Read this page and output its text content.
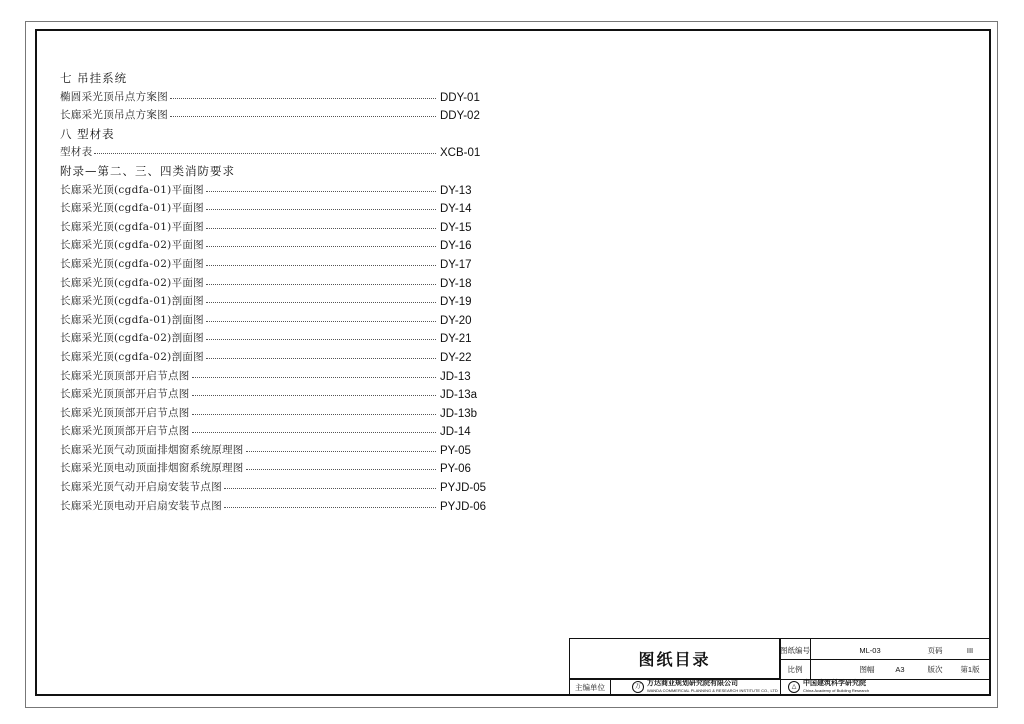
七 吊挂系统
椭圆采光顶吊点方案图	DDY-01
长廊采光顶吊点方案图	DDY-02
八 型材表
型材表	XCB-01
附录—第二、三、四类消防要求
长廊采光顶(cgdfa-01)平面图	DY-13
长廊采光顶(cgdfa-01)平面图	DY-14
长廊采光顶(cgdfa-01)平面图	DY-15
长廊采光顶(cgdfa-02)平面图	DY-16
长廊采光顶(cgdfa-02)平面图	DY-17
长廊采光顶(cgdfa-02)平面图	DY-18
长廊采光顶(cgdfa-01)剖面图	DY-19
长廊采光顶(cgdfa-01)剖面图	DY-20
长廊采光顶(cgdfa-02)剖面图	DY-21
长廊采光顶(cgdfa-02)剖面图	DY-22
长廊采光顶顶部开启节点图	JD-13
长廊采光顶顶部开启节点图	JD-13a
长廊采光顶顶部开启节点图	JD-13b
长廊采光顶顶部开启节点图	JD-14
长廊采光顶气动顶面排烟窗系统原理图	PY-05
长廊采光顶电动顶面排烟窗系统原理图	PY-06
长廊采光顶气动开启扇安装节点图	PYJD-05
长廊采光顶电动开启扇安装节点图	PYJD-06
图纸目录	图纸编号	ML-03	页码	III
比例	图幅	A3	版次	第1版
主编单位	万 万达商业规划研究院有限公司
WANDA COMMERCIAL PLANNING & RESEARCH INSTITUTE CO., LTD
△ 中国建筑科学研究院
China Academy of Building Research
